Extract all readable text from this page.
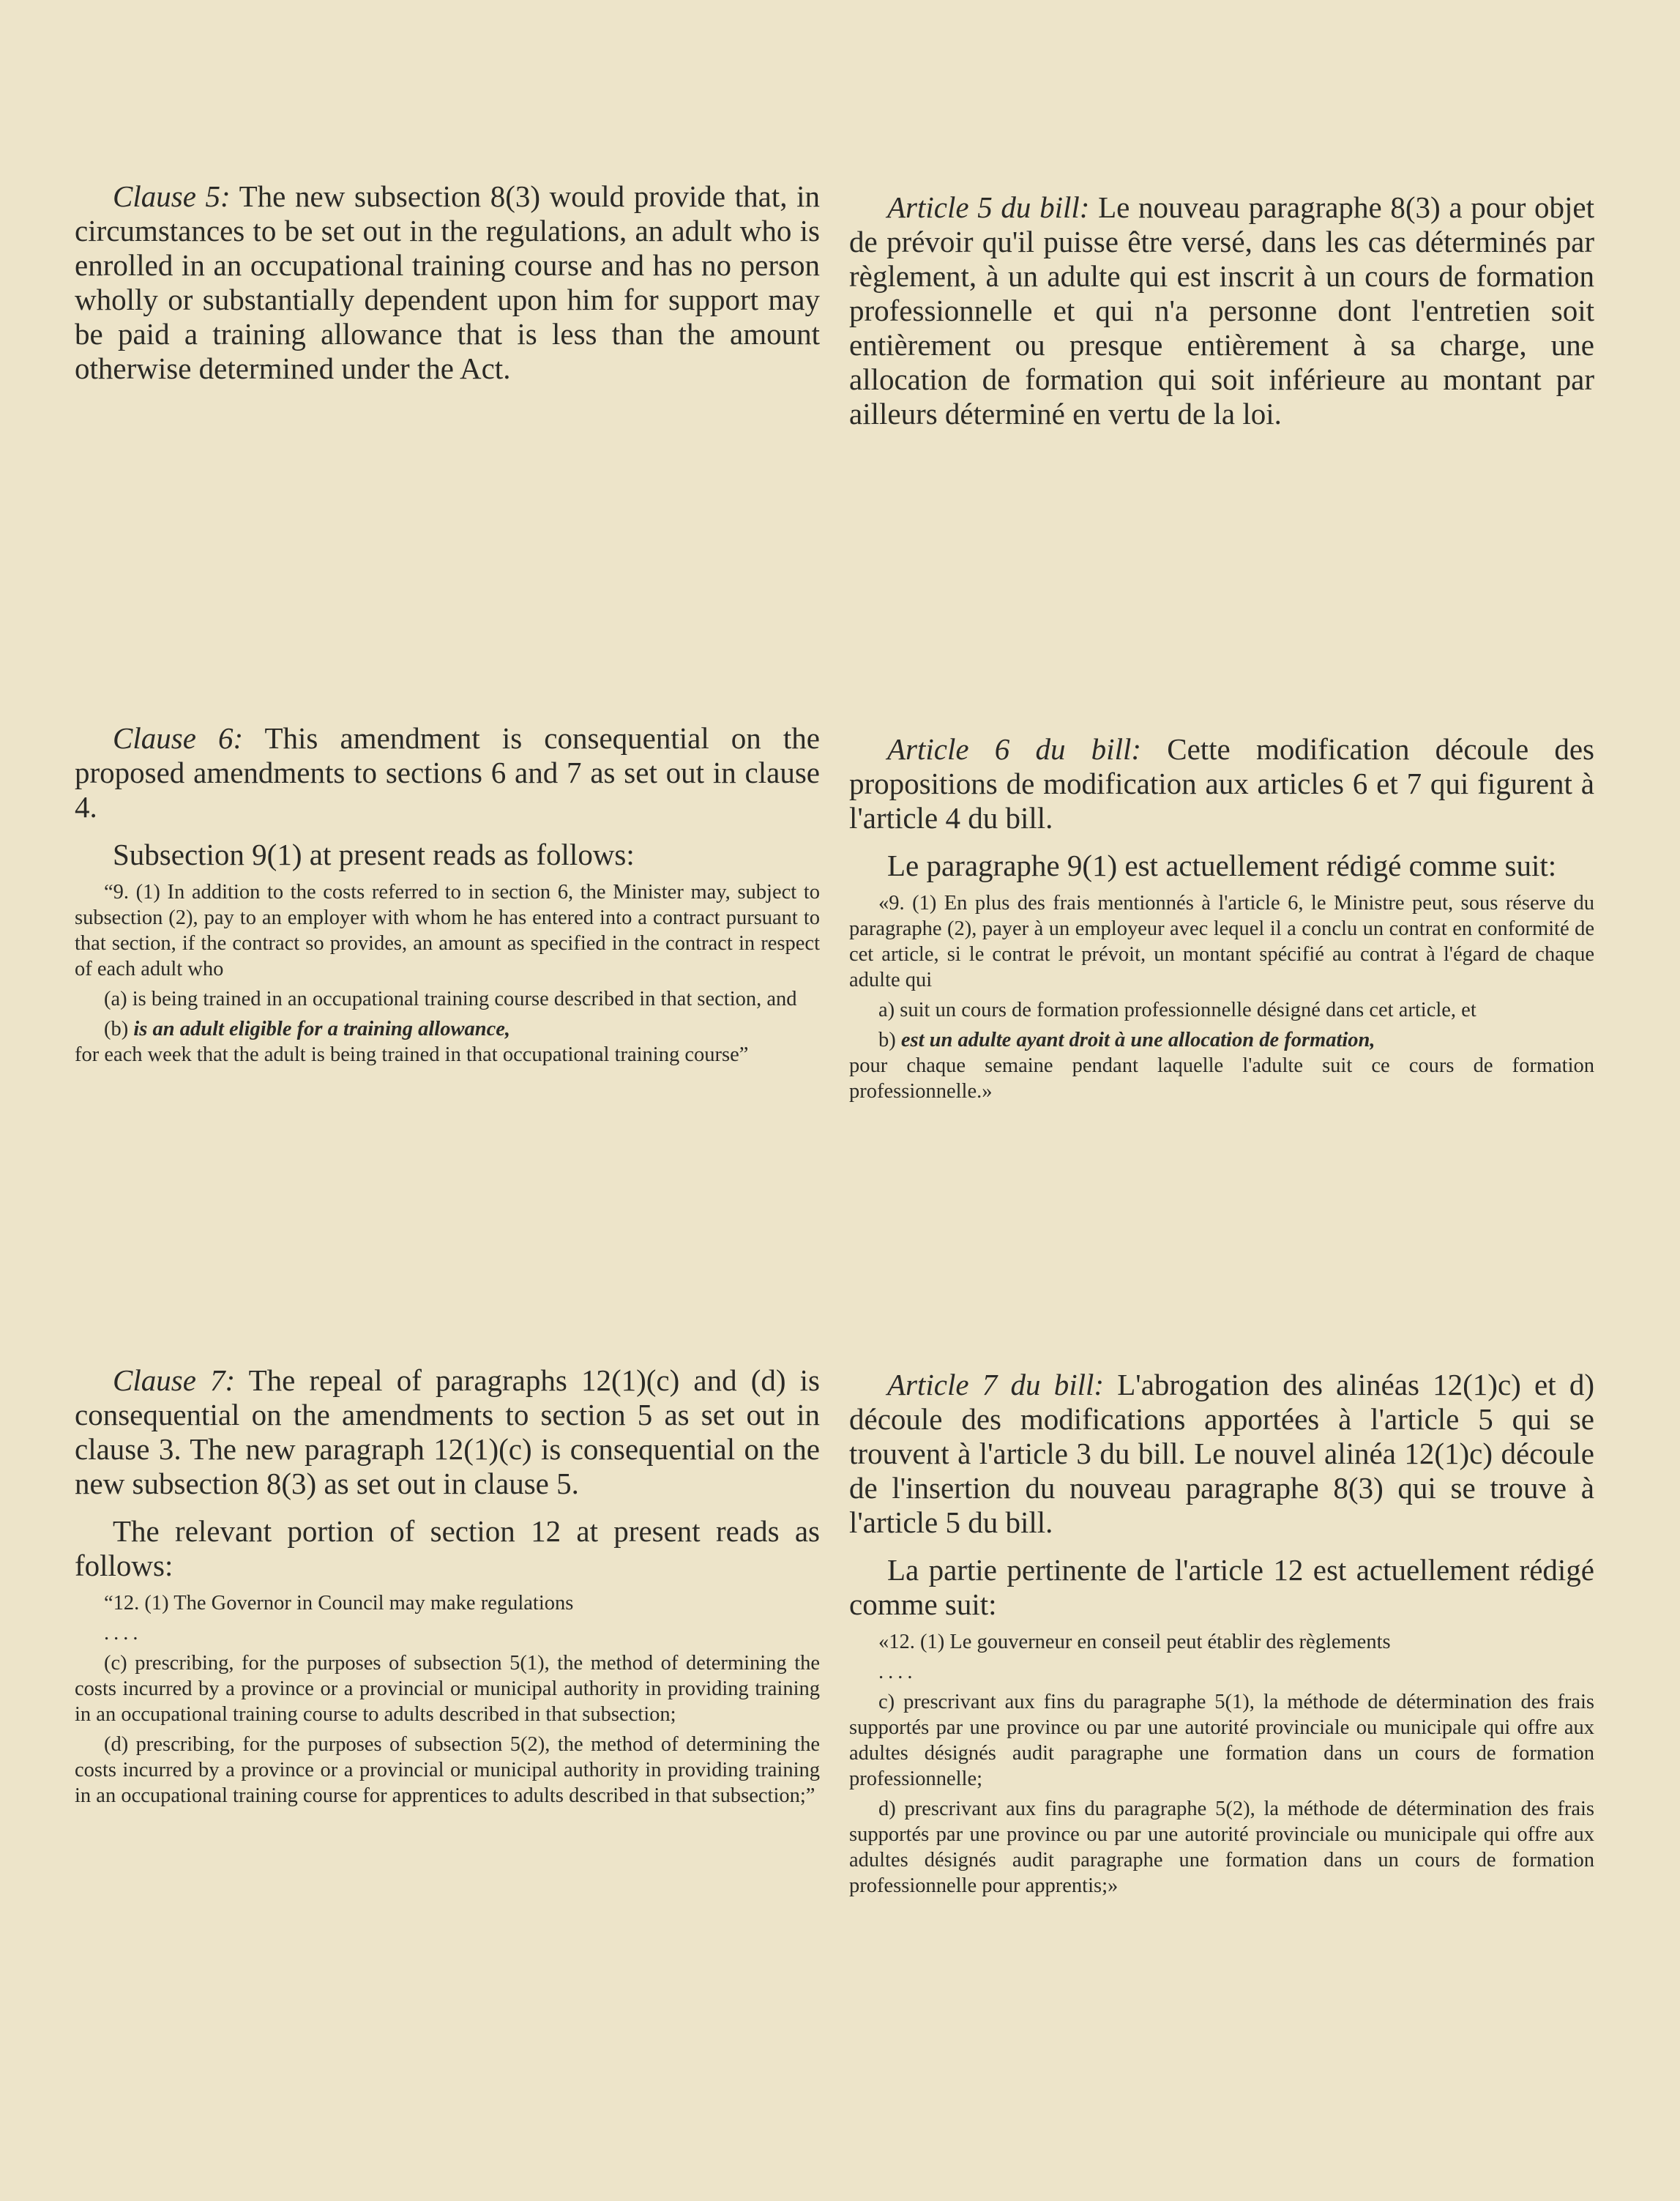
Clause 5: The new subsection 8(3) would provide that, in circumstances to be set out in the regulations, an adult who is enrolled in an occupational training course and has no person wholly or substantially dependent upon him for support may be paid a training allowance that is less than the amount otherwise determined under the Act.

Article 5 du bill: Le nouveau paragraphe 8(3) a pour objet de prévoir qu'il puisse être versé, dans les cas déterminés par règlement, à un adulte qui est inscrit à un cours de formation professionnelle et qui n'a personne dont l'entretien soit entièrement ou presque entièrement à sa charge, une allocation de formation qui soit inférieure au montant par ailleurs déterminé en vertu de la loi.

Clause 6: This amendment is consequential on the proposed amendments to sections 6 and 7 as set out in clause 4.

Subsection 9(1) at present reads as follows:

“9. (1) In addition to the costs referred to in section 6, the Minister may, subject to subsection (2), pay to an employer with whom he has entered into a contract pursuant to that section, if the contract so provides, an amount as specified in the contract in respect of each adult who

(a) is being trained in an occupational training course described in that section, and

(b) is an adult eligible for a training allowance,

for each week that the adult is being trained in that occupational training course”

Article 6 du bill: Cette modification découle des propositions de modification aux articles 6 et 7 qui figurent à l'article 4 du bill.

Le paragraphe 9(1) est actuellement rédigé comme suit:

«9. (1) En plus des frais mentionnés à l'article 6, le Ministre peut, sous réserve du paragraphe (2), payer à un employeur avec lequel il a conclu un contrat en conformité de cet article, si le contrat le prévoit, un montant spécifié au contrat à l'égard de chaque adulte qui

a) suit un cours de formation professionnelle désigné dans cet article, et

b) est un adulte ayant droit à une allocation de formation,

pour chaque semaine pendant laquelle l'adulte suit ce cours de formation professionnelle.»

Clause 7: The repeal of paragraphs 12(1)(c) and (d) is consequential on the amendments to section 5 as set out in clause 3. The new paragraph 12(1)(c) is consequential on the new subsection 8(3) as set out in clause 5.

The relevant portion of section 12 at present reads as follows:

“12. (1) The Governor in Council may make regulations

....

(c) prescribing, for the purposes of subsection 5(1), the method of determining the costs incurred by a province or a provincial or municipal authority in providing training in an occupational training course to adults described in that subsection;

(d) prescribing, for the purposes of subsection 5(2), the method of determining the costs incurred by a province or a provincial or municipal authority in providing training in an occupational training course for apprentices to adults described in that subsection;”

Article 7 du bill: L'abrogation des alinéas 12(1)c) et d) découle des modifications apportées à l'article 5 qui se trouvent à l'article 3 du bill. Le nouvel alinéa 12(1)c) découle de l'insertion du nouveau paragraphe 8(3) qui se trouve à l'article 5 du bill.

La partie pertinente de l'article 12 est actuellement rédigé comme suit:

«12. (1) Le gouverneur en conseil peut établir des règlements

....

c) prescrivant aux fins du paragraphe 5(1), la méthode de détermination des frais supportés par une province ou par une autorité provinciale ou municipale qui offre aux adultes désignés audit paragraphe une formation dans un cours de formation professionnelle;

d) prescrivant aux fins du paragraphe 5(2), la méthode de détermination des frais supportés par une province ou par une autorité provinciale ou municipale qui offre aux adultes désignés audit paragraphe une formation dans un cours de formation professionnelle pour apprentis;»
